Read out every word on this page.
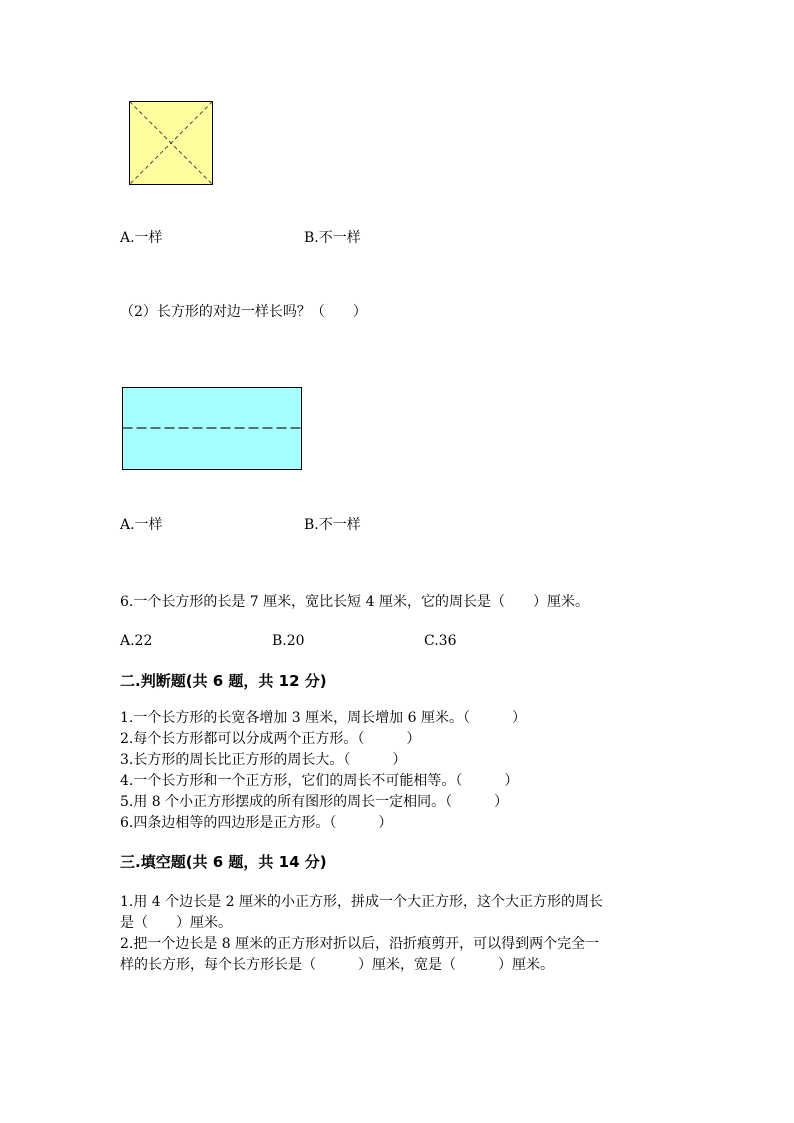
A.一样	B.不一样
（2）长方形的对边一样长吗？（　　）
A.一样	B.不一样
6.一个长方形的长是 7 厘米，宽比长短 4 厘米，它的周长是（　　）厘米。
A.22	B.20	C.36
二.判断题(共 6 题，共 12 分)
1.一个长方形的长宽各增加 3 厘米，周长增加 6 厘米。（　　　）
2.每个长方形都可以分成两个正方形。（　　　）
3.长方形的周长比正方形的周长大。（　　　）
4.一个长方形和一个正方形，它们的周长不可能相等。（　　　）
5.用 8 个小正方形摆成的所有图形的周长一定相同。（　　　）
6.四条边相等的四边形是正方形。（　　　）
三.填空题(共 6 题，共 14 分)
1.用 4 个边长是 2 厘米的小正方形，拼成一个大正方形，这个大正方形的周长
是（　　）厘米。
2.把一个边长是 8 厘米的正方形对折以后，沿折痕剪开，可以得到两个完全一
样的长方形，每个长方形长是（　　　）厘米，宽是（　　　）厘米。
